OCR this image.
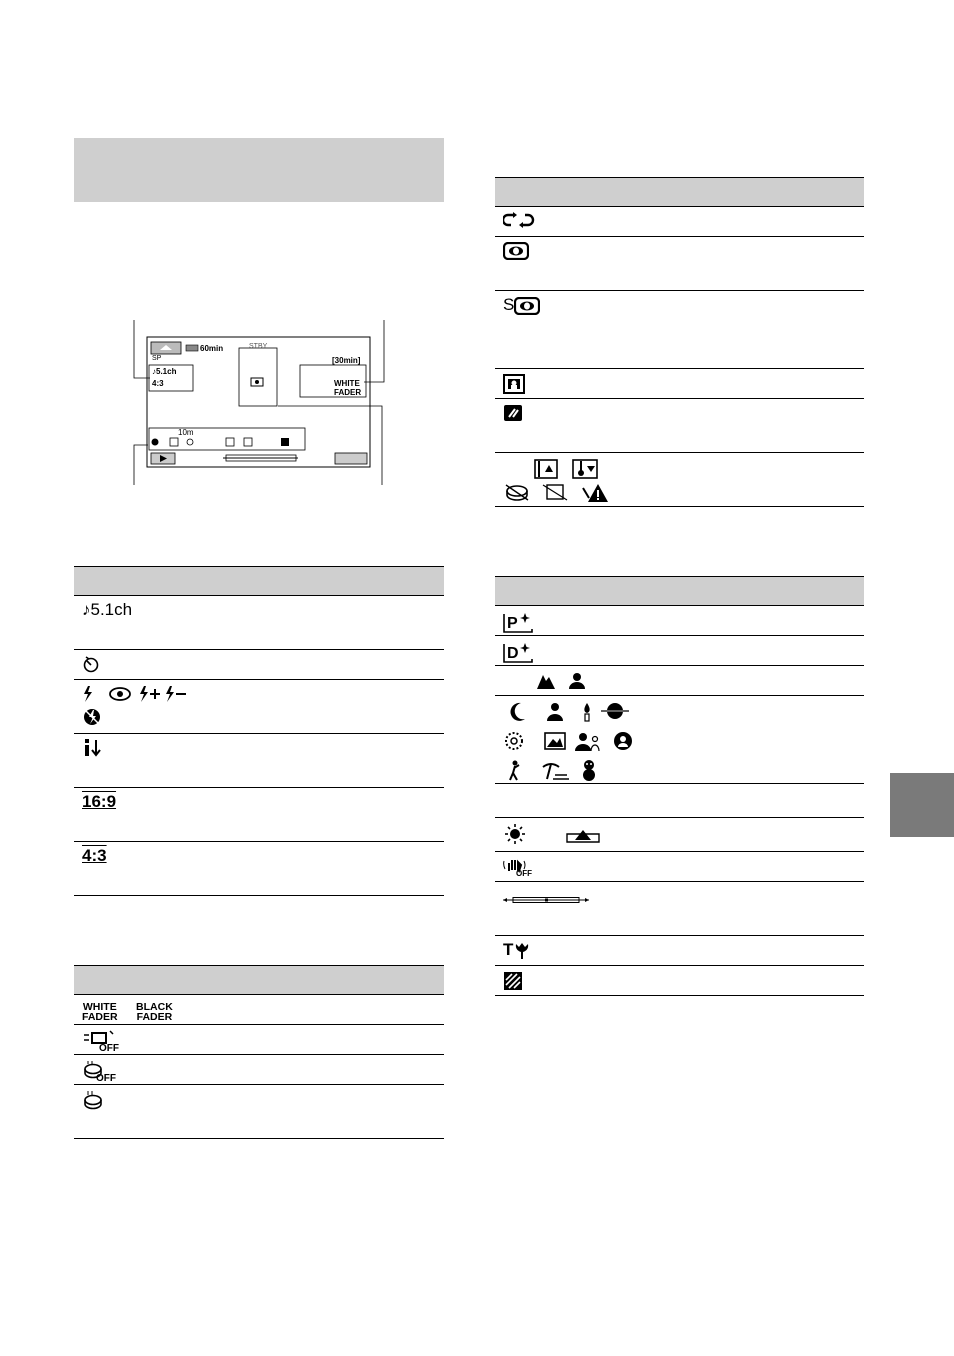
60min
SP
STBY
[30min]
♪5.1ch
4:3	WHITE
FADER
10m
♪5.1ch
16:9
4:3
WHITE
FADER BLACK
FADER
OFF
OFF
S
P
D
OFF
T
